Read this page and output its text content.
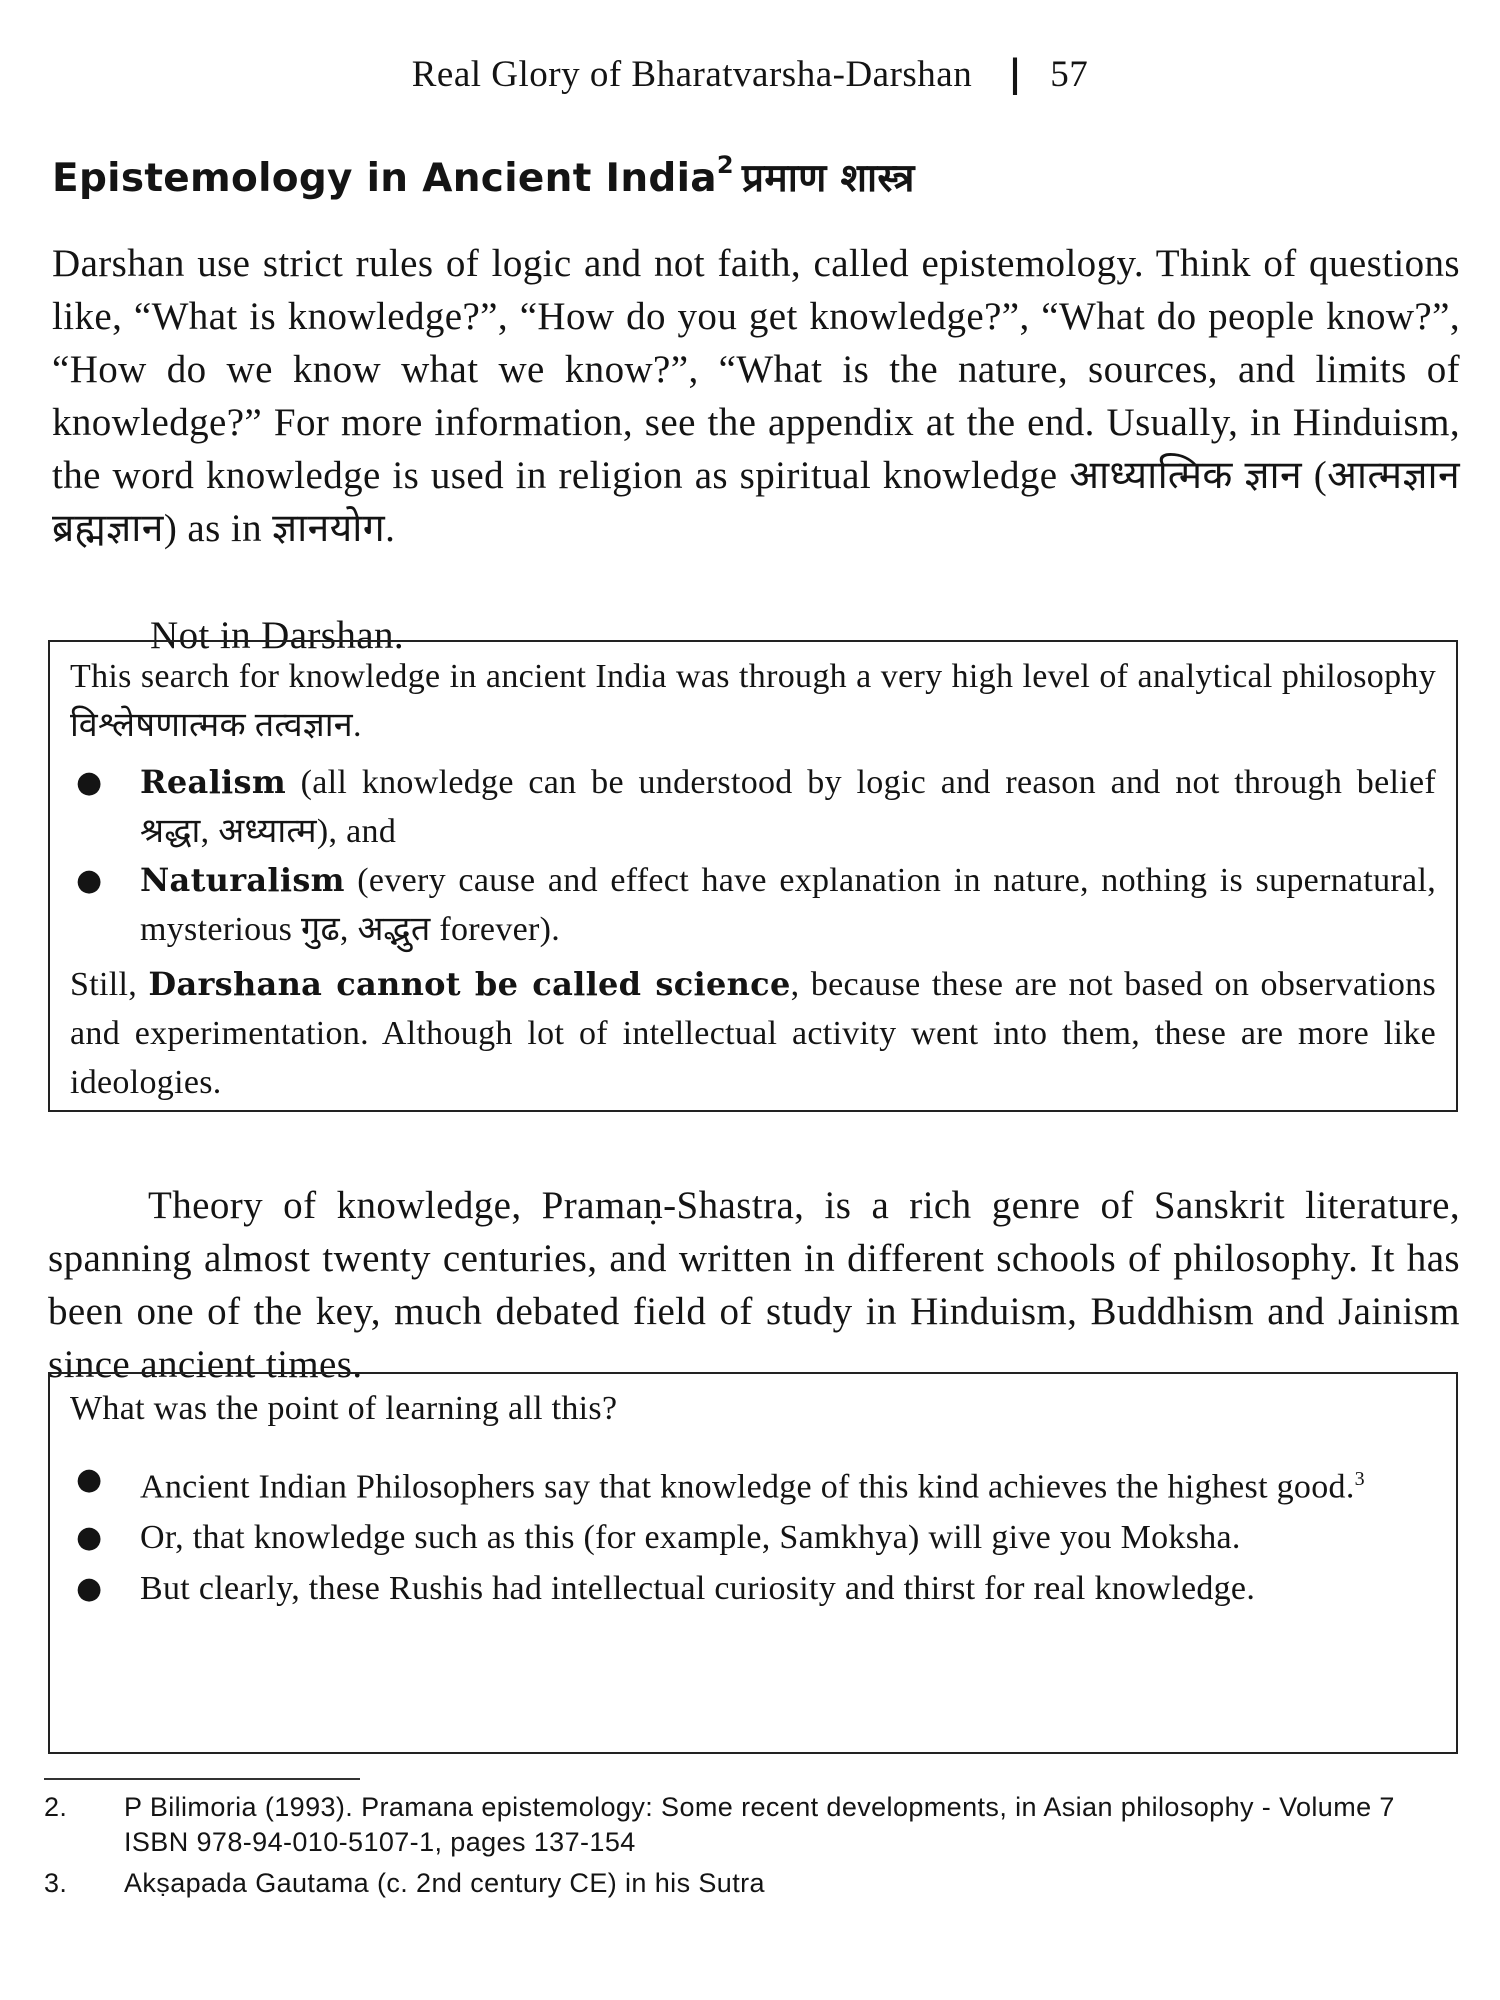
Real Glory of Bharatvarsha-Darshan | 57
Epistemology in Ancient India$^2$ प्रमाण शास्त्र

Darshan use strict rules of logic and not faith, called epistemology. Think of questions like, “What is knowledge?”, “How do you get knowledge?”, “What do people know?”, “How do we know what we know?”, “What is the nature, sources, and limits of knowledge?” For more information, see the appendix at the end. Usually, in Hinduism, the word knowledge is used in religion as spiritual knowledge आध्यात्मिक ज्ञान (आत्मज्ञान ब्रह्मज्ञान) as in ज्ञानयोग.

Not in Darshan.

This search for knowledge in ancient India was through a very high level of analytical philosophy विश्लेषणात्मक तत्वज्ञान.

● Realism (all knowledge can be understood by logic and reason and not through belief श्रद्धा, अध्यात्म), and
● Naturalism (every cause and effect have explanation in nature, nothing is supernatural, mysterious गुढ, अद्भुत forever).

Still, Darshana cannot be called science, because these are not based on observations and experimentation. Although lot of intellectual activity went into them, these are more like ideologies.

Theory of knowledge, Pramaṇ-Shastra, is a rich genre of Sanskrit literature, spanning almost twenty centuries, and written in different schools of philosophy. It has been one of the key, much debated field of study in Hinduism, Buddhism and Jainism since ancient times.

What was the point of learning all this?

● Ancient Indian Philosophers say that knowledge of this kind achieves the highest good.$^3$
● Or, that knowledge such as this (for example, Samkhya) will give you Moksha.
● But clearly, these Rushis had intellectual curiosity and thirst for real knowledge.
2. P Bilimoria (1993). Pramana epistemology: Some recent developments, in Asian philosophy - Volume 7
ISBN 978-94-010-5107-1, pages 137-154
3. Akṣapada Gautama (c. 2nd century CE) in his Sutra
